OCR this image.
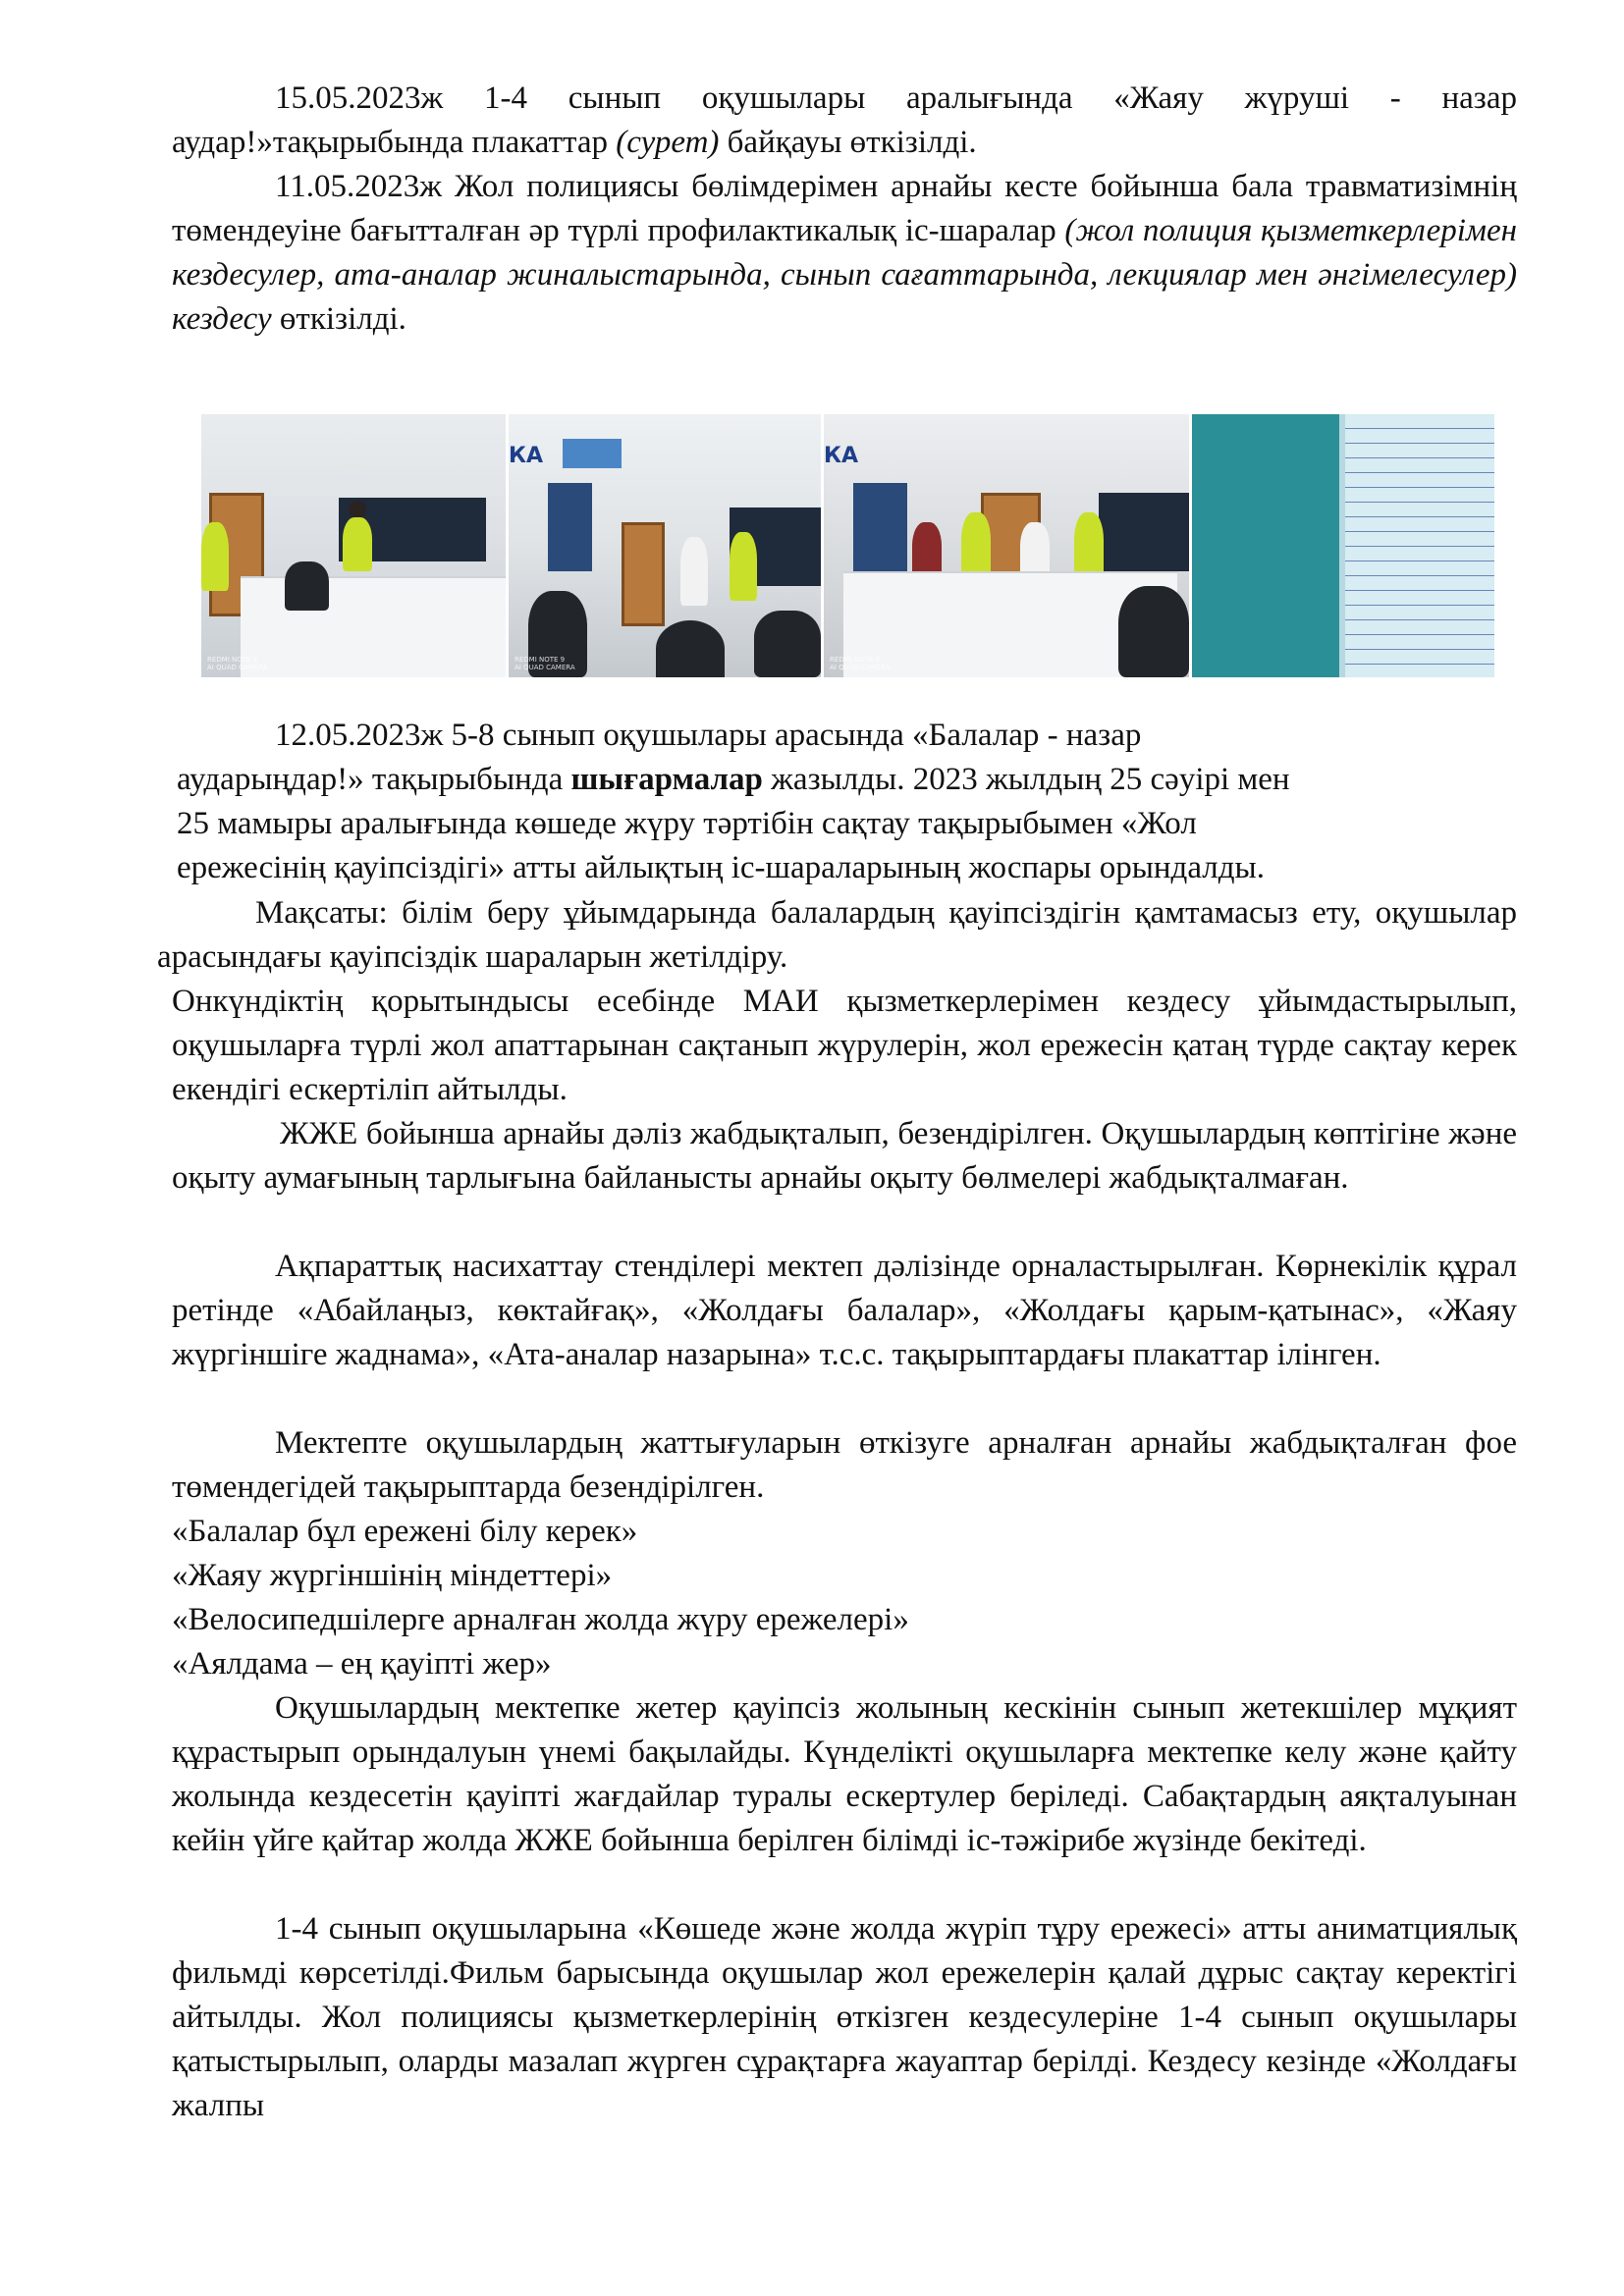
15.05.2023ж 1-4 сынып оқушылары аралығында «Жаяу жүруші - назар аудар!»тақырыбында плакаттар (сурет) байқауы өткізілді.

11.05.2023ж Жол полициясы бөлімдерімен арнайы кесте бойынша бала травматизімнің төмендеуіне бағытталған әр түрлі профилактикалық іс-шаралар (жол полиция қызметкерлерімен кездесулер, ата-аналар жиналыстарында, сынып сағаттарында, лекциялар мен әнгімелесулер) кездесу өткізілді.

REDMI NOTE 9
AI QUAD CAMERA
КА
REDMI NOTE 9
AI QUAD CAMERA
КА
REDMI NOTE 9
AI QUAD CAMERA

12.05.2023ж 5-8 сынып оқушылары арасында «Балалар - назар

аударыңдар!» тақырыбында шығармалар жазылды. 2023 жылдың 25 сәуірі мен

25 мамыры аралығында көшеде жүру тәртібін сақтау тақырыбымен «Жол

ережесінің қауіпсіздігі» атты айлықтың іс-шараларының жоспары орындалды.

Мақсаты: білім беру ұйымдарында балалардың қауіпсіздігін қамтамасыз ету, оқушылар арасындағы қауіпсіздік шараларын жетілдіру.

Онкүндіктің қорытындысы есебінде МАИ қызметкерлерімен кездесу ұйымдастырылып, оқушыларға түрлі жол апаттарынан сақтанып жүрулерін, жол ережесін қатаң түрде сақтау керек екендігі ескертіліп айтылды.

ЖЖЕ бойынша арнайы дәліз жабдықталып, безендірілген. Оқушылардың көптігіне және оқыту аумағының тарлығына байланысты арнайы оқыту бөлмелері жабдықталмаған.

Ақпараттық насихаттау стенділері мектеп дәлізінде орналастырылған. Көрнекілік құрал ретінде «Абайлаңыз, көктайғақ», «Жолдағы балалар», «Жолдағы қарым-қатынас», «Жаяу жүргіншіге жаднама», «Ата-аналар назарына» т.с.с. тақырыптардағы плакаттар ілінген.

Мектепте оқушылардың жаттығуларын өткізуге арналған арнайы жабдықталған фое төмендегідей тақырыптарда безендірілген.

«Балалар бұл ережені білу керек»

«Жаяу жүргіншінің міндеттері»

«Велосипедшілерге арналған жолда жүру ережелері»

«Аялдама – ең қауіпті жер»

Оқушылардың мектепке жетер қауіпсіз жолының кескінін сынып жетекшілер мұқият құрастырып орындалуын үнемі бақылайды. Күнделікті оқушыларға мектепке келу және қайту жолында кездесетін қауіпті жағдайлар туралы ескертулер беріледі. Сабақтардың аяқталуынан кейін үйге қайтар жолда ЖЖЕ бойынша берілген білімді іс-тәжірибе жүзінде бекітеді.

1-4 сынып оқушыларына «Көшеде және жолда жүріп тұру ережесі» атты аниматциялық фильмді көрсетілді.Фильм барысында оқушылар жол ережелерін қалай дұрыс сақтау керектігі айтылды. Жол полициясы қызметкерлерінің өткізген кездесулеріне 1-4 сынып оқушылары қатыстырылып, оларды мазалап жүрген сұрақтарға жауаптар берілді. Кездесу кезінде «Жолдағы жалпы
